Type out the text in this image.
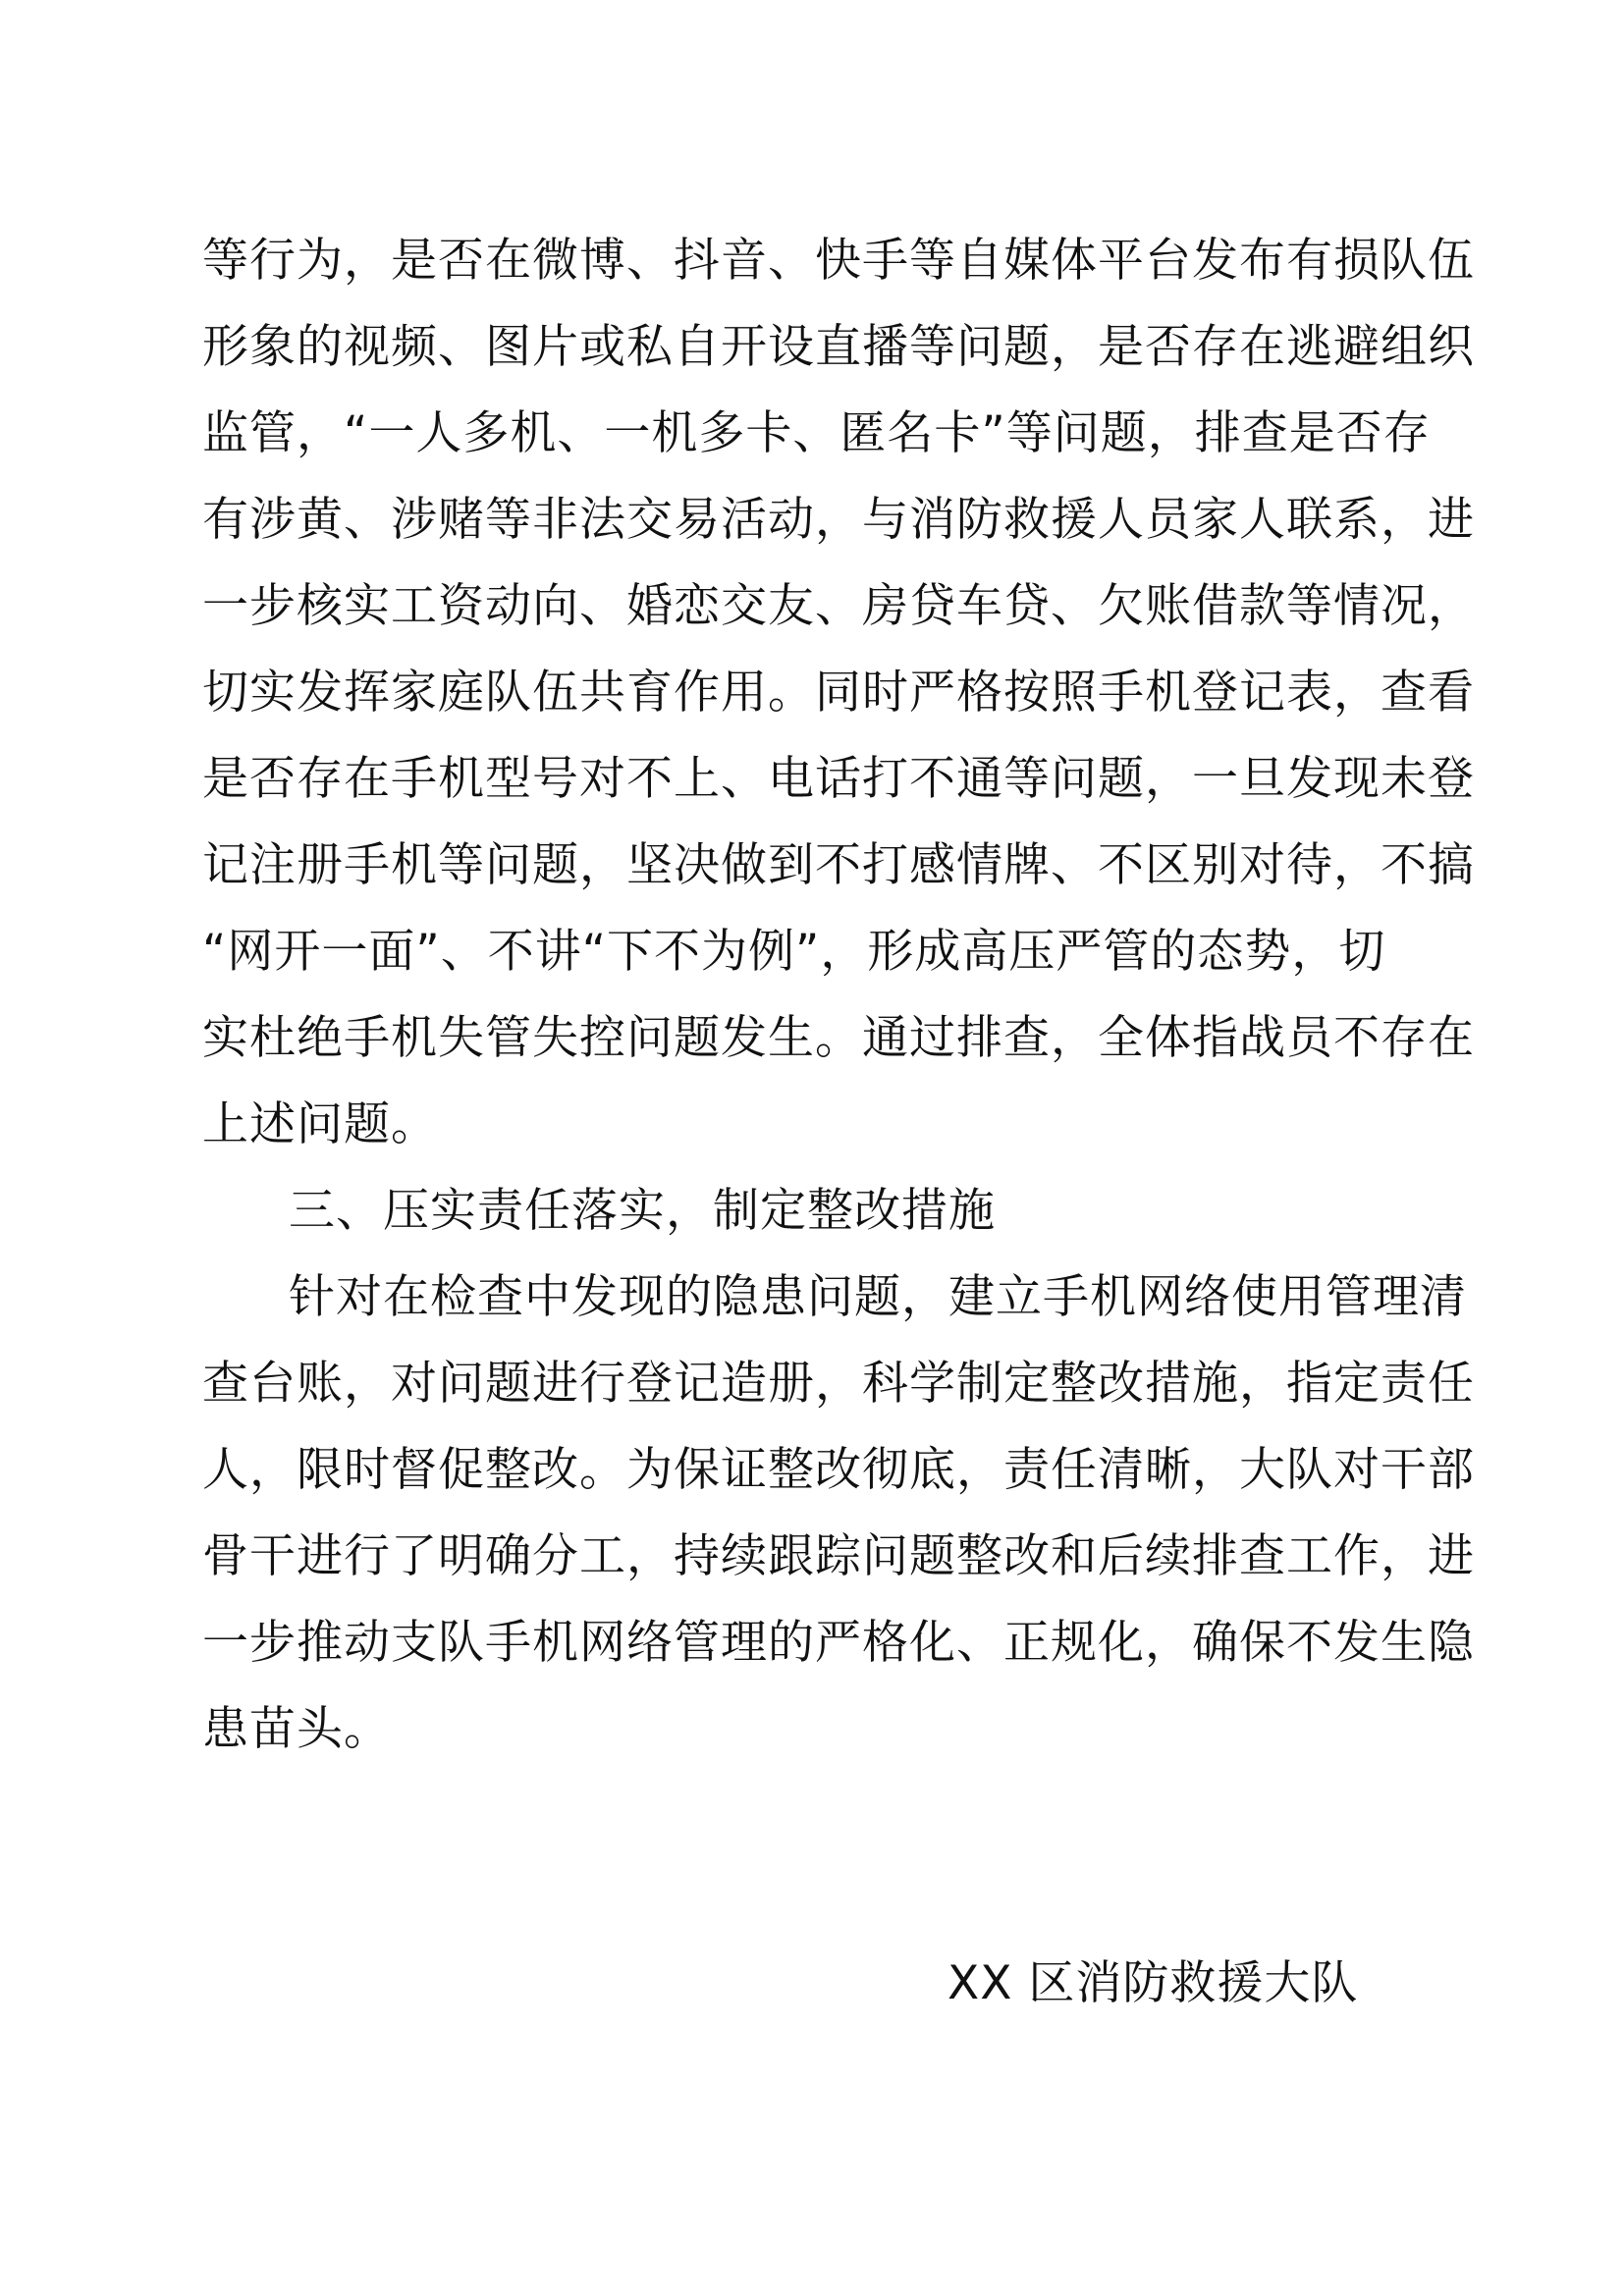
等行为，是否在微博、抖音、快手等自媒体平台发布有损队伍
形象的视频、图片或私自开设直播等问题，是否存在逃避组织
监管，“一人多机、一机多卡、匿名卡”等问题，排查是否存
有涉黄、涉赌等非法交易活动，与消防救援人员家人联系，进
一步核实工资动向、婚恋交友、房贷车贷、欠账借款等情况，
切实发挥家庭队伍共育作用。同时严格按照手机登记表，查看
是否存在手机型号对不上、电话打不通等问题，一旦发现未登
记注册手机等问题，坚决做到不打感情牌、不区别对待，不搞
“网开一面”、不讲“下不为例”，形成高压严管的态势，切
实杜绝手机失管失控问题发生。通过排查，全体指战员不存在
上述问题。
三、压实责任落实，制定整改措施
针对在检查中发现的隐患问题，建立手机网络使用管理清
查台账，对问题进行登记造册，科学制定整改措施，指定责任
人，限时督促整改。为保证整改彻底，责任清晰，大队对干部
骨干进行了明确分工，持续跟踪问题整改和后续排查工作，进
一步推动支队手机网络管理的严格化、正规化，确保不发生隐
患苗头。
XX 区消防救援大队
